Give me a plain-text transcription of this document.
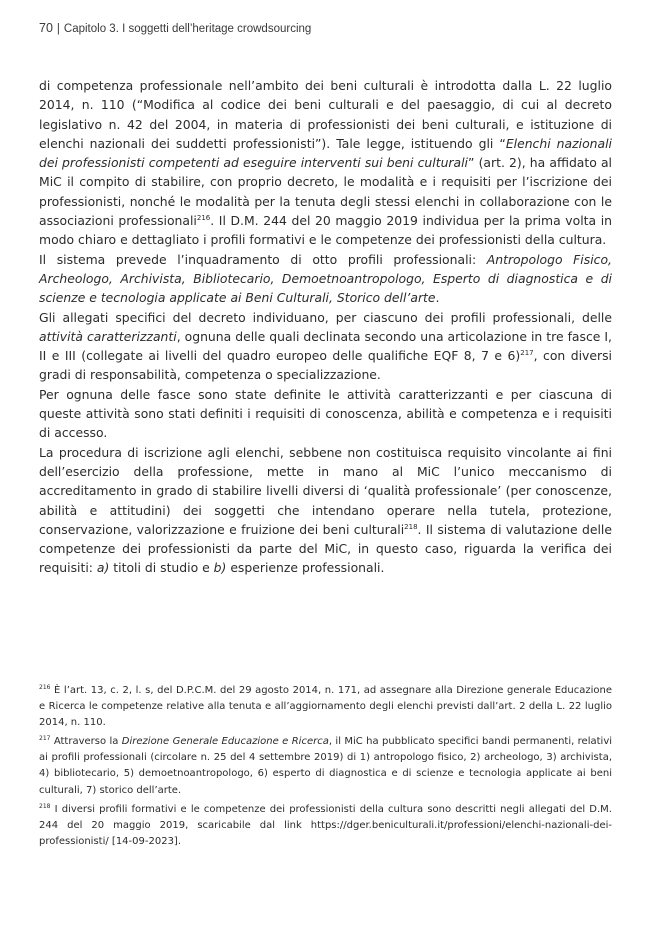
70 | Capitolo 3. I soggetti dell’heritage crowdsourcing

di competenza professionale nell’ambito dei beni culturali è introdotta dalla L. 22 luglio 2014, n. 110 (“Modifica al codice dei beni culturali e del paesaggio, di cui al decreto legislativo n. 42 del 2004, in materia di professionisti dei beni culturali, e istituzione di elenchi nazionali dei suddetti professionisti”). Tale legge, istituendo gli “Elenchi nazionali dei professionisti competenti ad eseguire interventi sui beni culturali” (art. 2), ha affidato al MiC il compito di stabilire, con proprio decreto, le modalità e i requisiti per l’iscrizione dei professionisti, nonché le modalità per la tenuta degli stessi elenchi in collaborazione con le associazioni professionali$^{216}$. Il D.M. 244 del 20 maggio 2019 individua per la prima volta in modo chiaro e dettagliato i profili formativi e le competenze dei professionisti della cultura.

Il sistema prevede l’inquadramento di otto profili professionali: Antropologo Fisico, Archeologo, Archivista, Bibliotecario, Demoetnoantropologo, Esperto di diagnostica e di scienze e tecnologia applicate ai Beni Culturali, Storico dell’arte.

Gli allegati specifici del decreto individuano, per ciascuno dei profili professionali, delle attività caratterizzanti, ognuna delle quali declinata secondo una articolazione in tre fasce I, II e III (collegate ai livelli del quadro europeo delle qualifiche EQF 8, 7 e 6)$^{217}$, con diversi gradi di responsabilità, competenza o specializzazione.

Per ognuna delle fasce sono state definite le attività caratterizzanti e per ciascuna di queste attività sono stati definiti i requisiti di conoscenza, abilità e competenza e i requisiti di accesso.

La procedura di iscrizione agli elenchi, sebbene non costituisca requisito vincolante ai fini dell’esercizio della professione, mette in mano al MiC l’unico meccanismo di accreditamento in grado di stabilire livelli diversi di ‘qualità professionale’ (per conoscenze, abilità e attitudini) dei soggetti che intendano operare nella tutela, protezione, conservazione, valorizzazione e fruizione dei beni culturali$^{218}$. Il sistema di valutazione delle competenze dei professionisti da parte del MiC, in questo caso, riguarda la verifica dei requisiti: a) titoli di studio e b) esperienze professionali.

$^{216}$ È l’art. 13, c. 2, l. s, del D.P.C.M. del 29 agosto 2014, n. 171, ad assegnare alla Direzione generale Educazione e Ricerca le competenze relative alla tenuta e all’aggiornamento degli elenchi previsti dall’art. 2 della L. 22 luglio 2014, n. 110.

$^{217}$ Attraverso la Direzione Generale Educazione e Ricerca, il MiC ha pubblicato specifici bandi permanenti, relativi ai profili professionali (circolare n. 25 del 4 settembre 2019) di 1) antropologo fisico, 2) archeologo, 3) archivista, 4) bibliotecario, 5) demoetnoantropologo, 6) esperto di diagnostica e di scienze e tecnologia applicate ai beni culturali, 7) storico dell’arte.

$^{218}$ I diversi profili formativi e le competenze dei professionisti della cultura sono descritti negli allegati del D.M. 244 del 20 maggio 2019, scaricabile dal link https://dger.beniculturali.it/professioni/elenchi-nazionali-dei-professionisti/ [14-09-2023].
